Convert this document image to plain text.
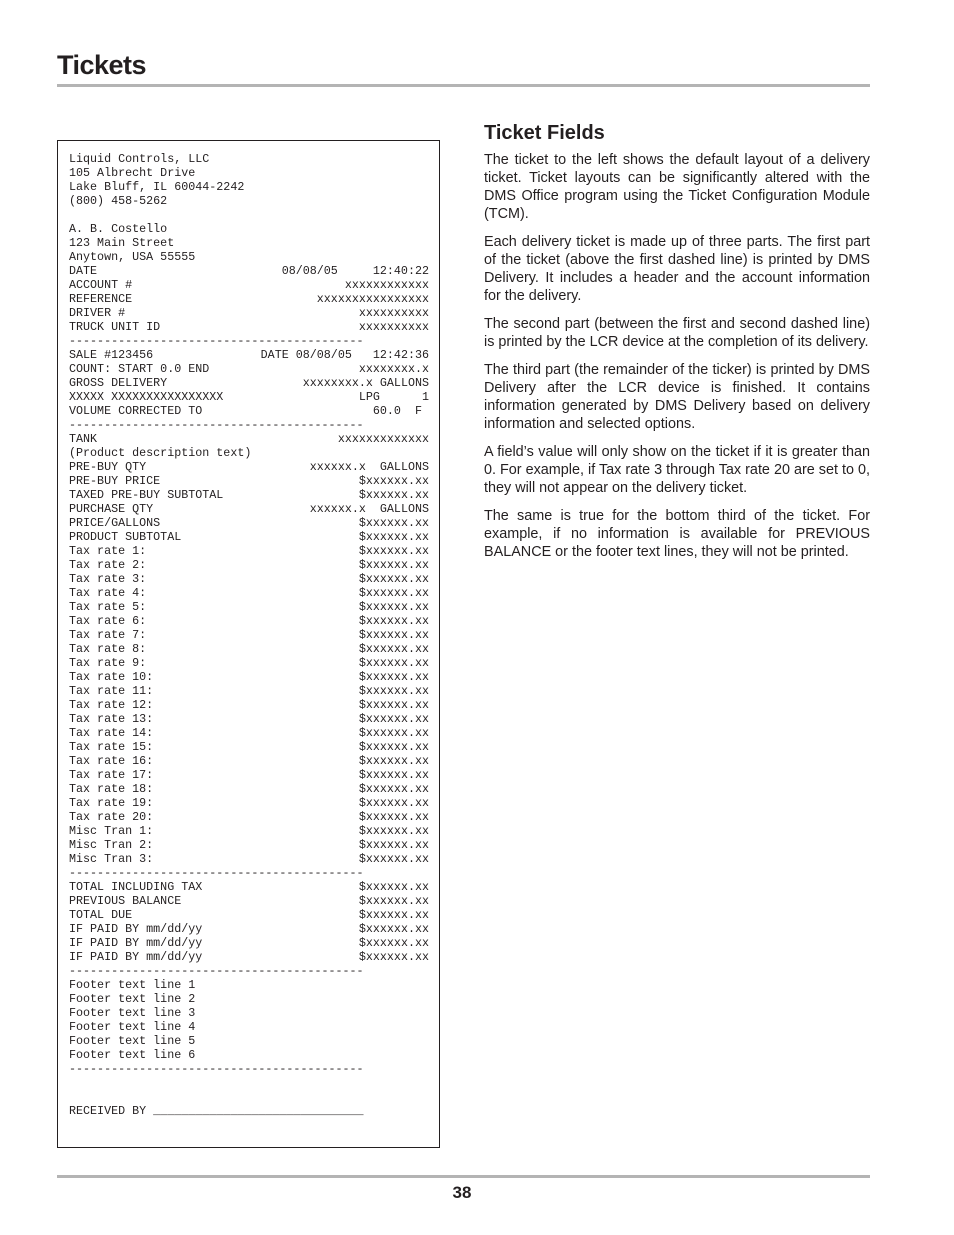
Tickets
Liquid Controls, LLC
105 Albrecht Drive
Lake Bluff, IL 60044-2242
(800) 458-5262
A. B. Costello
123 Main Street
Anytown, USA 55555
08/08/05     12:40:22
DATE
xxxxxxxxxxxx
ACCOUNT #
xxxxxxxxxxxxxxxx
REFERENCE
xxxxxxxxxx
DRIVER #
xxxxxxxxxx
TRUCK UNIT ID
------------------------------------------
DATE 08/08/05   12:42:36
SALE #123456
xxxxxxxx.x
COUNT: START 0.0 END
xxxxxxxx.x GALLONS
GROSS DELIVERY
LPG      1
XXXXX XXXXXXXXXXXXXXXX
60.0  F
VOLUME CORRECTED TO
------------------------------------------
xxxxxxxxxxxxx
TANK
(Product description text)
xxxxxx.x  GALLONS
PRE-BUY QTY
$xxxxxx.xx
PRE-BUY PRICE
$xxxxxx.xx
TAXED PRE-BUY SUBTOTAL
xxxxxx.x  GALLONS
PURCHASE QTY
$xxxxxx.xx
PRICE/GALLONS
$xxxxxx.xx
PRODUCT SUBTOTAL
$xxxxxx.xx
Tax rate 1:
$xxxxxx.xx
Tax rate 2:
$xxxxxx.xx
Tax rate 3:
$xxxxxx.xx
Tax rate 4:
$xxxxxx.xx
Tax rate 5:
$xxxxxx.xx
Tax rate 6:
$xxxxxx.xx
Tax rate 7:
$xxxxxx.xx
Tax rate 8:
$xxxxxx.xx
Tax rate 9:
$xxxxxx.xx
Tax rate 10:
$xxxxxx.xx
Tax rate 11:
$xxxxxx.xx
Tax rate 12:
$xxxxxx.xx
Tax rate 13:
$xxxxxx.xx
Tax rate 14:
$xxxxxx.xx
Tax rate 15:
$xxxxxx.xx
Tax rate 16:
$xxxxxx.xx
Tax rate 17:
$xxxxxx.xx
Tax rate 18:
$xxxxxx.xx
Tax rate 19:
$xxxxxx.xx
Tax rate 20:
$xxxxxx.xx
Misc Tran 1:
$xxxxxx.xx
Misc Tran 2:
$xxxxxx.xx
Misc Tran 3:
------------------------------------------
$xxxxxx.xx
TOTAL INCLUDING TAX
$xxxxxx.xx
PREVIOUS BALANCE
$xxxxxx.xx
TOTAL DUE
$xxxxxx.xx
IF PAID BY mm/dd/yy
$xxxxxx.xx
IF PAID BY mm/dd/yy
$xxxxxx.xx
IF PAID BY mm/dd/yy
------------------------------------------
Footer text line 1
Footer text line 2
Footer text line 3
Footer text line 4
Footer text line 5
Footer text line 6
------------------------------------------
RECEIVED BY ______________________________
Ticket Fields

The ticket to the left shows the default layout of a delivery ticket. Ticket layouts can be significantly altered with the DMS Office program using the Ticket Configuration Module (TCM).

Each delivery ticket is made up of three parts. The first part of the ticket (above the first dashed line) is printed by DMS Delivery. It includes a header and the account information for the delivery.

The second part (between the first and second dashed line) is printed by the LCR device at the completion of its delivery.

The third part (the remainder of the ticker) is printed by DMS Delivery after the LCR device is finished. It contains information generated by DMS Delivery based on delivery information and selected options.

A field’s value will only show on the ticket if it is greater than 0. For example, if Tax rate 3 through Tax rate 20 are set to 0, they will not appear on the delivery ticket.

The same is true for the bottom third of the ticket. For example, if no information is available for PREVIOUS BALANCE or the footer text lines, they will not be printed.

38
